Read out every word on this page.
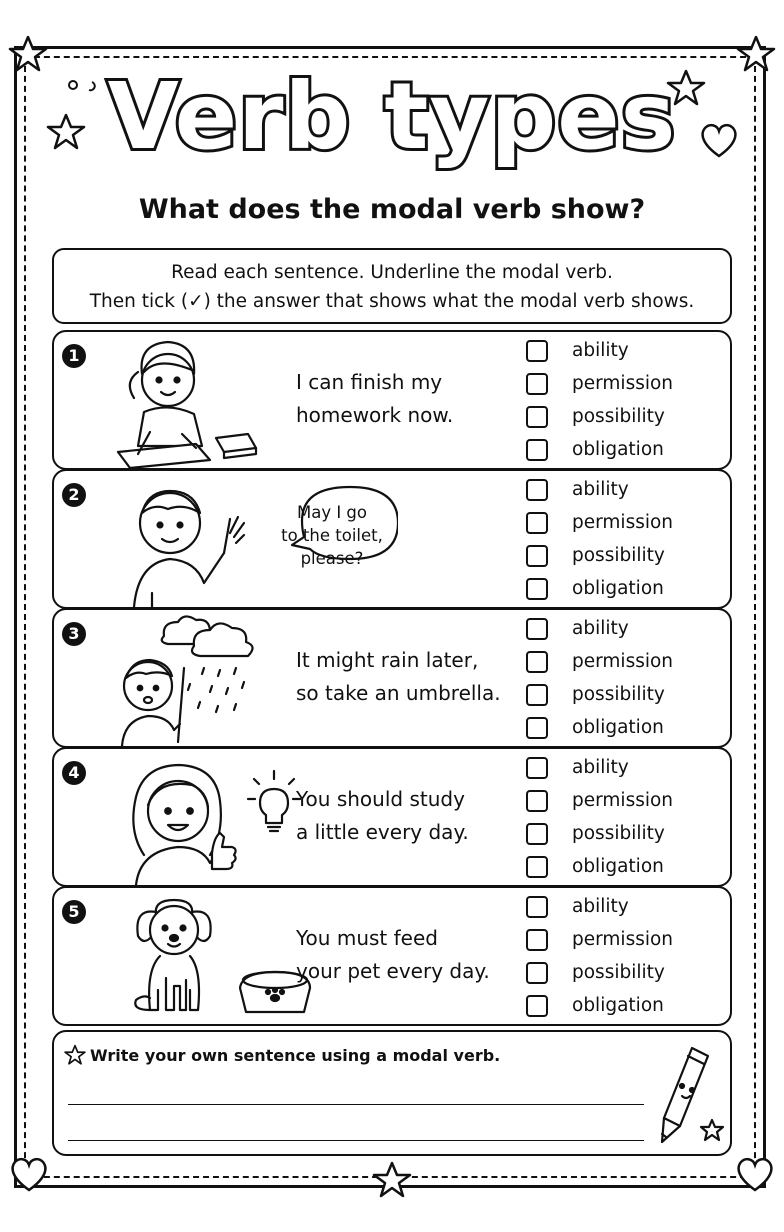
Verb types
What does the modal verb show?
Read each sentence. Underline the modal verb.
Then tick (✓) the answer that shows what the modal verb shows.
1
I can finish my
homework now.
ability
permission
possibility
obligation
2
May I go
to the toilet,
please?
ability
permission
possibility
obligation
3
It might rain later,
so take an umbrella.
ability
permission
possibility
obligation
4
You should study
a little every day.
ability
permission
possibility
obligation
5
You must feed
your pet every day.
ability
permission
possibility
obligation
Write your own sentence using a modal verb.
